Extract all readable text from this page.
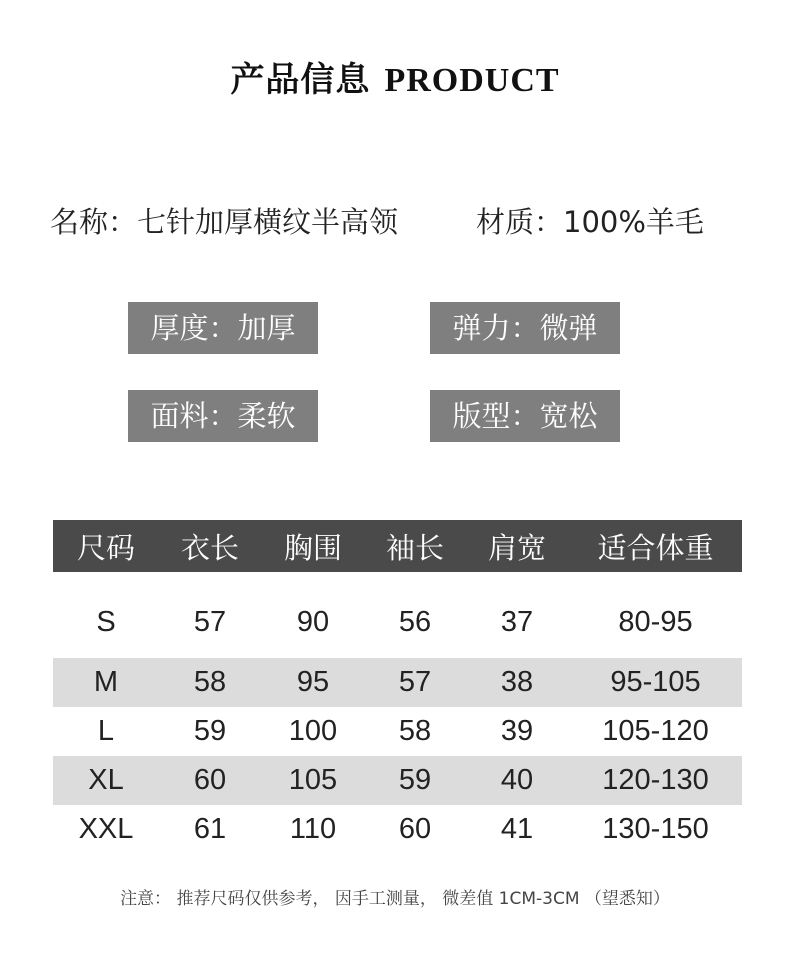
产品信息 PRODUCT
名称：七针加厚横纹半高领	材质：100%羊毛
厚度：加厚	弹力：微弹
面料：柔软	版型：宽松
尺码	衣长	胸围	袖长	肩宽	适合体重
S	57	90	56	37	80-95
M	58	95	57	38	95-105
L	59	100	58	39	105-120
XL	60	105	59	40	120-130
XXL	61	110	60	41	130-150
注意： 推荐尺码仅供参考， 因手工测量， 微差值 1CM-3CM （望悉知）
